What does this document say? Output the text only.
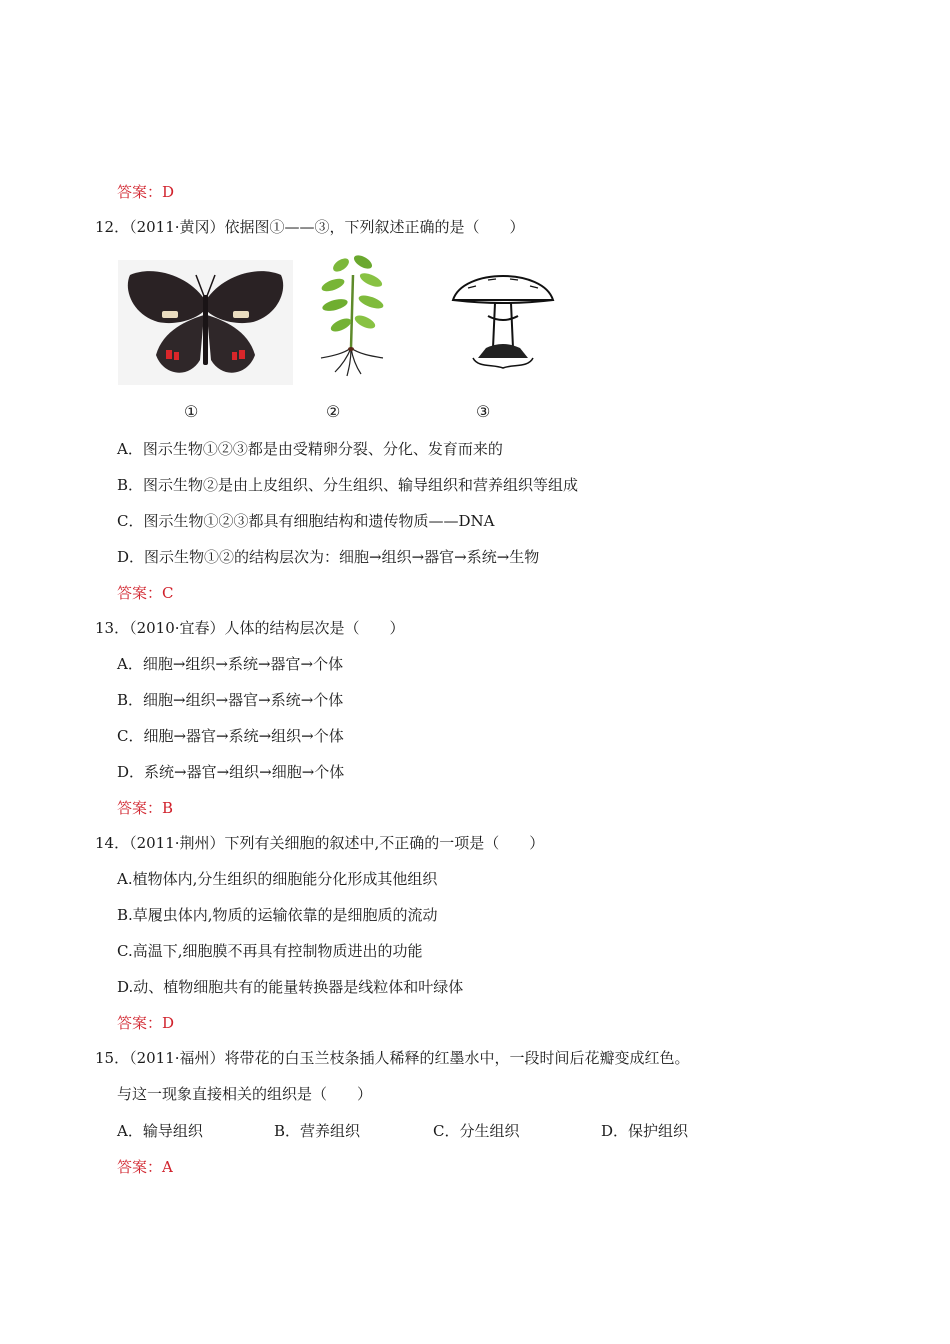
答案：D
12．（2011·黄冈）依据图①——③，下列叙述正确的是（　　）
①	②	③
A．图示生物①②③都是由受精卵分裂、分化、发育而来的
B．图示生物②是由上皮组织、分生组织、输导组织和营养组织等组成
C．图示生物①②③都具有细胞结构和遗传物质——DNA
D．图示生物①②的结构层次为：细胞→组织→器官→系统→生物
答案：C
13．（2010·宜春）人体的结构层次是（　　）
A．细胞→组织→系统→器官→个体
B．细胞→组织→器官→系统→个体
C．细胞→器官→系统→组织→个体
D．系统→器官→组织→细胞→个体
答案：B
14．（2011·荆州）下列有关细胞的叙述中,不正确的一项是（　　）
A.植物体内,分生组织的细胞能分化形成其他组织
B.草履虫体内,物质的运输依靠的是细胞质的流动
C.高温下,细胞膜不再具有控制物质进出的功能
D.动、植物细胞共有的能量转换器是线粒体和叶绿体
答案：D
15．（2011·福州）将带花的白玉兰枝条插人稀释的红墨水中，一段时间后花瓣变成红色。
与这一现象直接相关的组织是（　　）
A．输导组织	B．营养组织	C．分生组织	D．保护组织
答案：A
